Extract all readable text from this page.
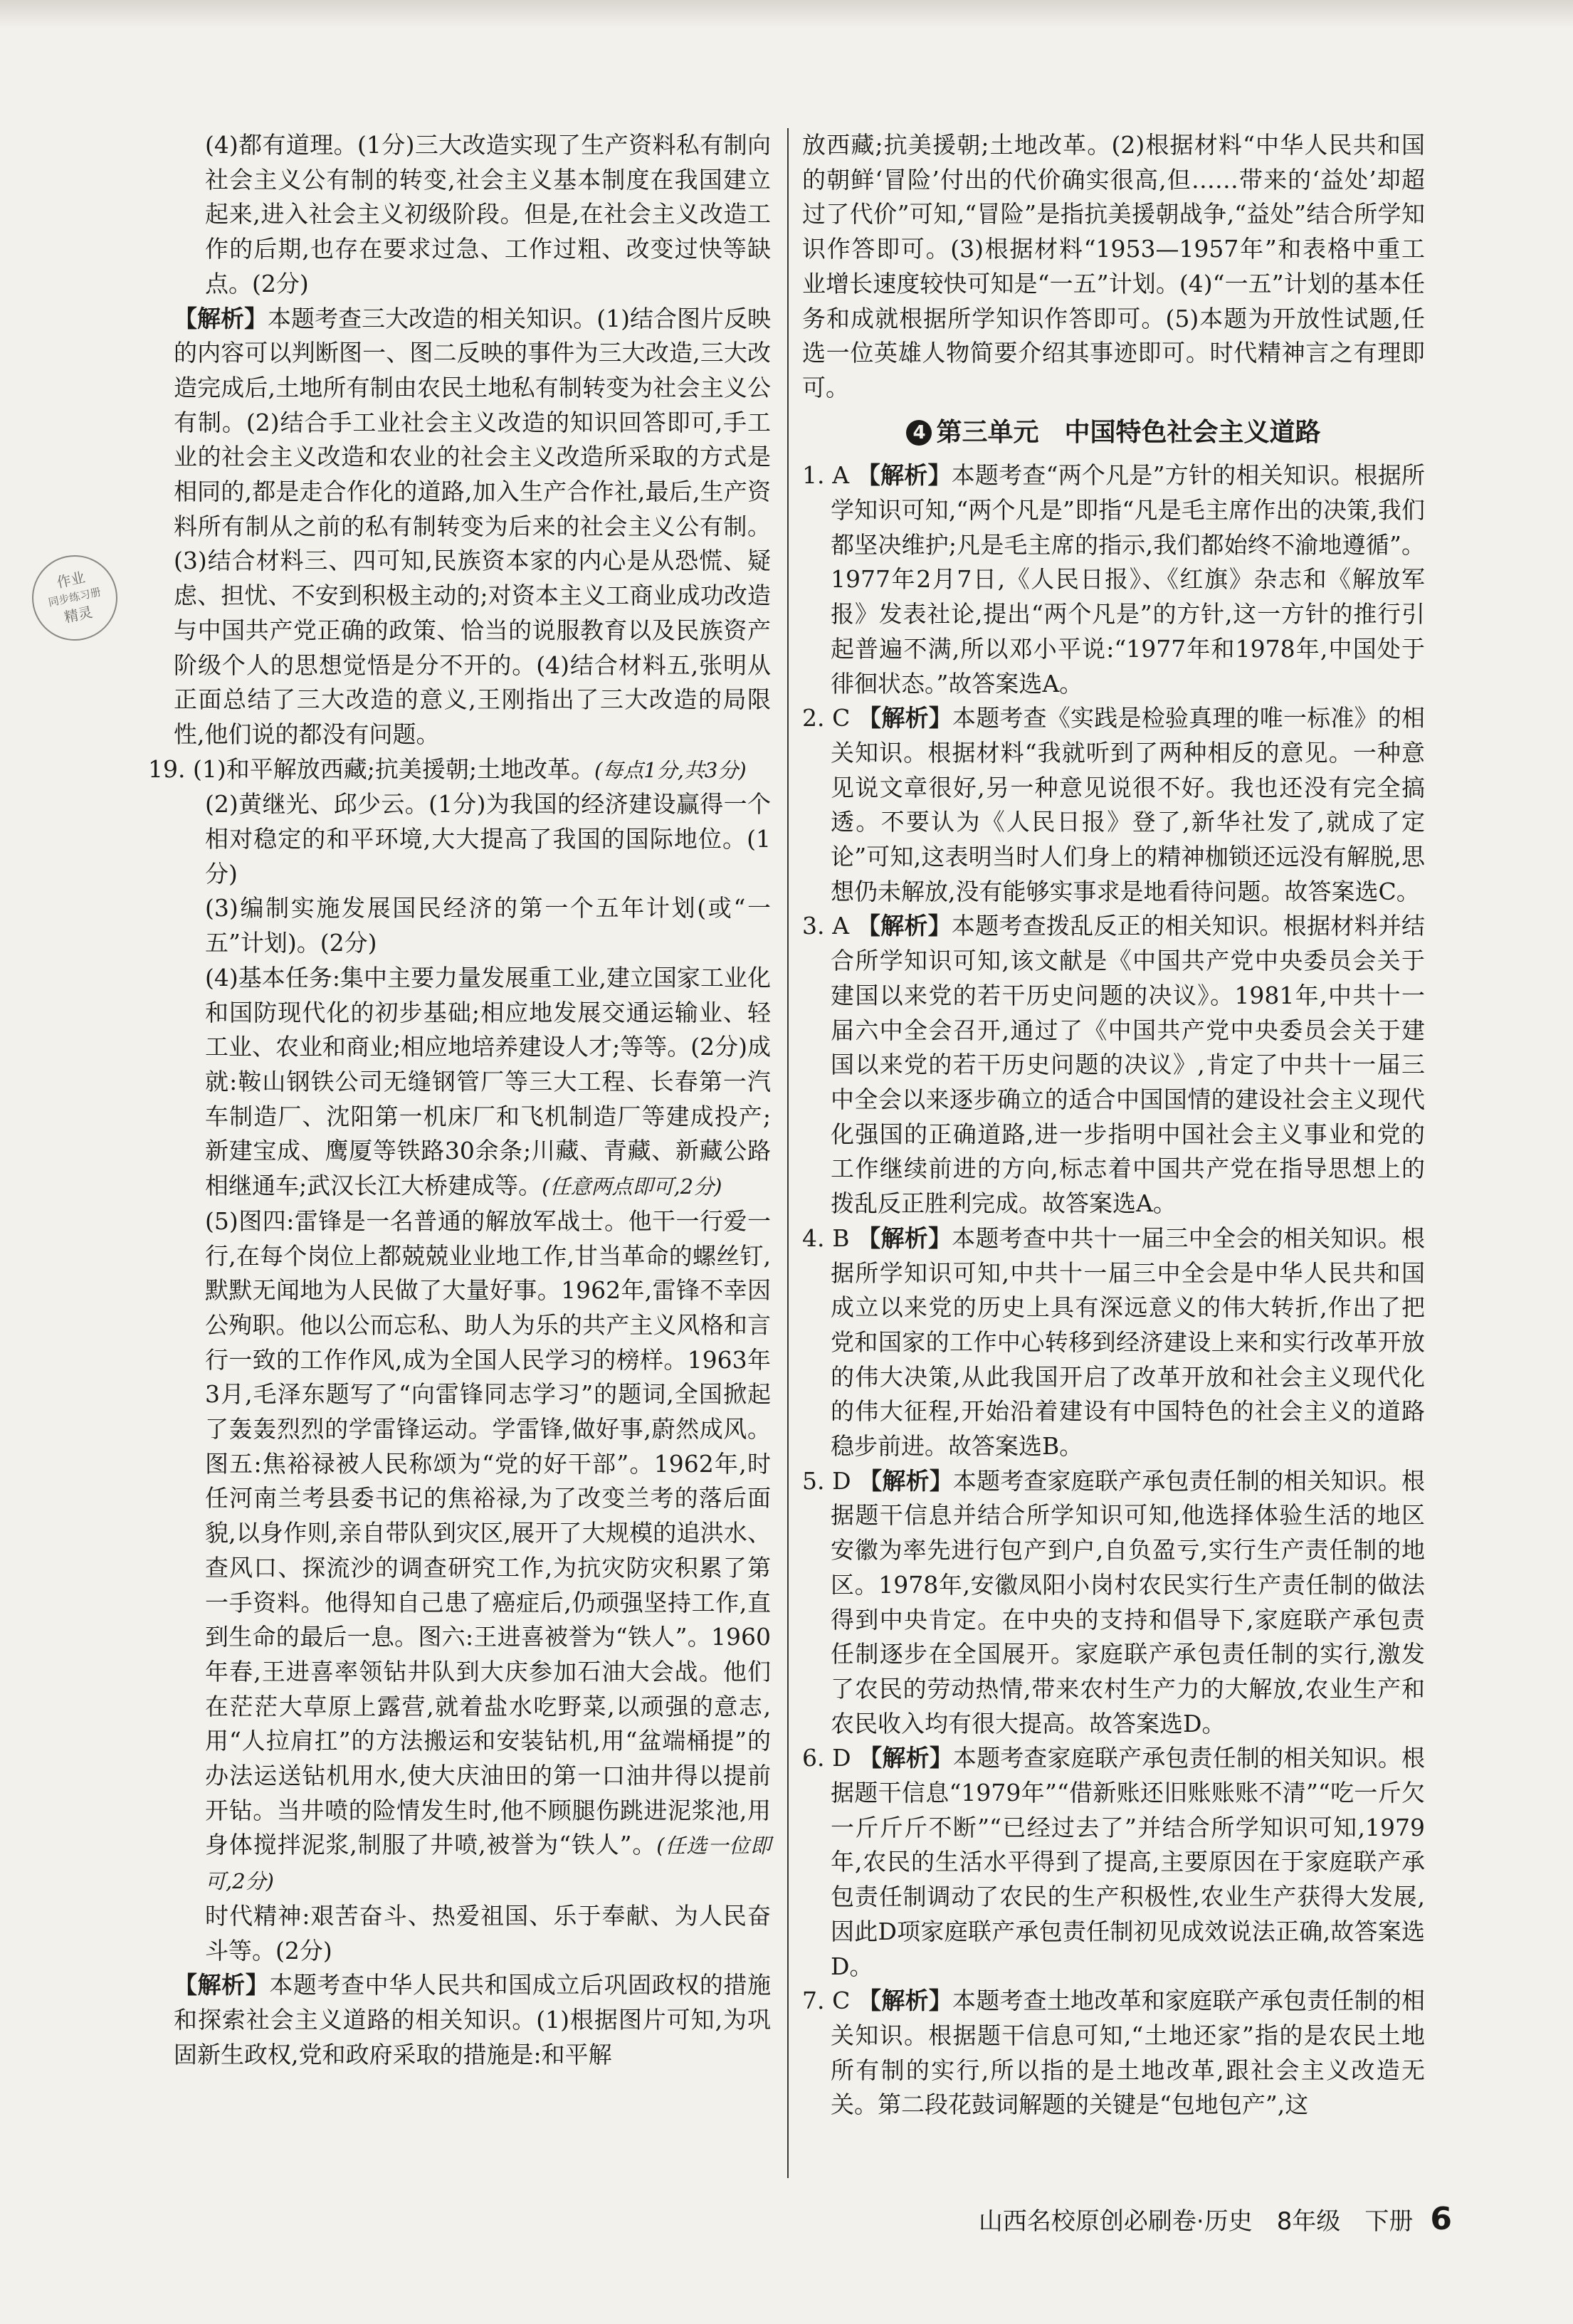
作业
同步练习册
精灵

(4)都有道理。(1分)三大改造实现了生产资料私有制向社会主义公有制的转变,社会主义基本制度在我国建立起来,进入社会主义初级阶段。但是,在社会主义改造工作的后期,也存在要求过急、工作过粗、改变过快等缺点。(2分)

【解析】本题考查三大改造的相关知识。(1)结合图片反映的内容可以判断图一、图二反映的事件为三大改造,三大改造完成后,土地所有制由农民土地私有制转变为社会主义公有制。(2)结合手工业社会主义改造的知识回答即可,手工业的社会主义改造和农业的社会主义改造所采取的方式是相同的,都是走合作化的道路,加入生产合作社,最后,生产资料所有制从之前的私有制转变为后来的社会主义公有制。(3)结合材料三、四可知,民族资本家的内心是从恐慌、疑虑、担忧、不安到积极主动的;对资本主义工商业成功改造与中国共产党正确的政策、恰当的说服教育以及民族资产阶级个人的思想觉悟是分不开的。(4)结合材料五,张明从正面总结了三大改造的意义,王刚指出了三大改造的局限性,他们说的都没有问题。

19. (1)和平解放西藏;抗美援朝;土地改革。(每点1分,共3分)

(2)黄继光、邱少云。(1分)为我国的经济建设赢得一个相对稳定的和平环境,大大提高了我国的国际地位。(1分)

(3)编制实施发展国民经济的第一个五年计划(或“一五”计划)。(2分)

(4)基本任务:集中主要力量发展重工业,建立国家工业化和国防现代化的初步基础;相应地发展交通运输业、轻工业、农业和商业;相应地培养建设人才;等等。(2分)成就:鞍山钢铁公司无缝钢管厂等三大工程、长春第一汽车制造厂、沈阳第一机床厂和飞机制造厂等建成投产;新建宝成、鹰厦等铁路30余条;川藏、青藏、新藏公路相继通车;武汉长江大桥建成等。(任意两点即可,2分)

(5)图四:雷锋是一名普通的解放军战士。他干一行爱一行,在每个岗位上都兢兢业业地工作,甘当革命的螺丝钉,默默无闻地为人民做了大量好事。1962年,雷锋不幸因公殉职。他以公而忘私、助人为乐的共产主义风格和言行一致的工作作风,成为全国人民学习的榜样。1963年3月,毛泽东题写了“向雷锋同志学习”的题词,全国掀起了轰轰烈烈的学雷锋运动。学雷锋,做好事,蔚然成风。图五:焦裕禄被人民称颂为“党的好干部”。1962年,时任河南兰考县委书记的焦裕禄,为了改变兰考的落后面貌,以身作则,亲自带队到灾区,展开了大规模的追洪水、查风口、探流沙的调查研究工作,为抗灾防灾积累了第一手资料。他得知自己患了癌症后,仍顽强坚持工作,直到生命的最后一息。图六:王进喜被誉为“铁人”。1960年春,王进喜率领钻井队到大庆参加石油大会战。他们在茫茫大草原上露营,就着盐水吃野菜,以顽强的意志,用“人拉肩扛”的方法搬运和安装钻机,用“盆端桶提”的办法运送钻机用水,使大庆油田的第一口油井得以提前开钻。当井喷的险情发生时,他不顾腿伤跳进泥浆池,用身体搅拌泥浆,制服了井喷,被誉为“铁人”。(任选一位即可,2分)

时代精神:艰苦奋斗、热爱祖国、乐于奉献、为人民奋斗等。(2分)

【解析】本题考查中华人民共和国成立后巩固政权的措施和探索社会主义道路的相关知识。(1)根据图片可知,为巩固新生政权,党和政府采取的措施是:和平解

放西藏;抗美援朝;土地改革。(2)根据材料“中华人民共和国的朝鲜‘冒险’付出的代价确实很高,但……带来的‘益处’却超过了代价”可知,“冒险”是指抗美援朝战争,“益处”结合所学知识作答即可。(3)根据材料“1953—1957年”和表格中重工业增长速度较快可知是“一五”计划。(4)“一五”计划的基本任务和成就根据所学知识作答即可。(5)本题为开放性试题,任选一位英雄人物简要介绍其事迹即可。时代精神言之有理即可。

4 第三单元　中国特色社会主义道路

1. A 【解析】本题考查“两个凡是”方针的相关知识。根据所学知识可知,“两个凡是”即指“凡是毛主席作出的决策,我们都坚决维护;凡是毛主席的指示,我们都始终不渝地遵循”。1977年2月7日,《人民日报》、《红旗》杂志和《解放军报》发表社论,提出“两个凡是”的方针,这一方针的推行引起普遍不满,所以邓小平说:“1977年和1978年,中国处于徘徊状态。”故答案选A。

2. C 【解析】本题考查《实践是检验真理的唯一标准》的相关知识。根据材料“我就听到了两种相反的意见。一种意见说文章很好,另一种意见说很不好。我也还没有完全搞透。不要认为《人民日报》登了,新华社发了,就成了定论”可知,这表明当时人们身上的精神枷锁还远没有解脱,思想仍未解放,没有能够实事求是地看待问题。故答案选C。

3. A 【解析】本题考查拨乱反正的相关知识。根据材料并结合所学知识可知,该文献是《中国共产党中央委员会关于建国以来党的若干历史问题的决议》。1981年,中共十一届六中全会召开,通过了《中国共产党中央委员会关于建国以来党的若干历史问题的决议》,肯定了中共十一届三中全会以来逐步确立的适合中国国情的建设社会主义现代化强国的正确道路,进一步指明中国社会主义事业和党的工作继续前进的方向,标志着中国共产党在指导思想上的拨乱反正胜利完成。故答案选A。

4. B 【解析】本题考查中共十一届三中全会的相关知识。根据所学知识可知,中共十一届三中全会是中华人民共和国成立以来党的历史上具有深远意义的伟大转折,作出了把党和国家的工作中心转移到经济建设上来和实行改革开放的伟大决策,从此我国开启了改革开放和社会主义现代化的伟大征程,开始沿着建设有中国特色的社会主义的道路稳步前进。故答案选B。

5. D 【解析】本题考查家庭联产承包责任制的相关知识。根据题干信息并结合所学知识可知,他选择体验生活的地区安徽为率先进行包产到户,自负盈亏,实行生产责任制的地区。1978年,安徽凤阳小岗村农民实行生产责任制的做法得到中央肯定。在中央的支持和倡导下,家庭联产承包责任制逐步在全国展开。家庭联产承包责任制的实行,激发了农民的劳动热情,带来农村生产力的大解放,农业生产和农民收入均有很大提高。故答案选D。

6. D 【解析】本题考查家庭联产承包责任制的相关知识。根据题干信息“1979年”“借新账还旧账账账不清”“吃一斤欠一斤斤斤不断”“已经过去了”并结合所学知识可知,1979年,农民的生活水平得到了提高,主要原因在于家庭联产承包责任制调动了农民的生产积极性,农业生产获得大发展,因此D项家庭联产承包责任制初见成效说法正确,故答案选D。

7. C 【解析】本题考查土地改革和家庭联产承包责任制的相关知识。根据题干信息可知,“土地还家”指的是农民土地所有制的实行,所以指的是土地改革,跟社会主义改造无关。第二段花鼓词解题的关键是“包地包产”,这

山西名校原创必刷卷·历史　8年级　下册 6
